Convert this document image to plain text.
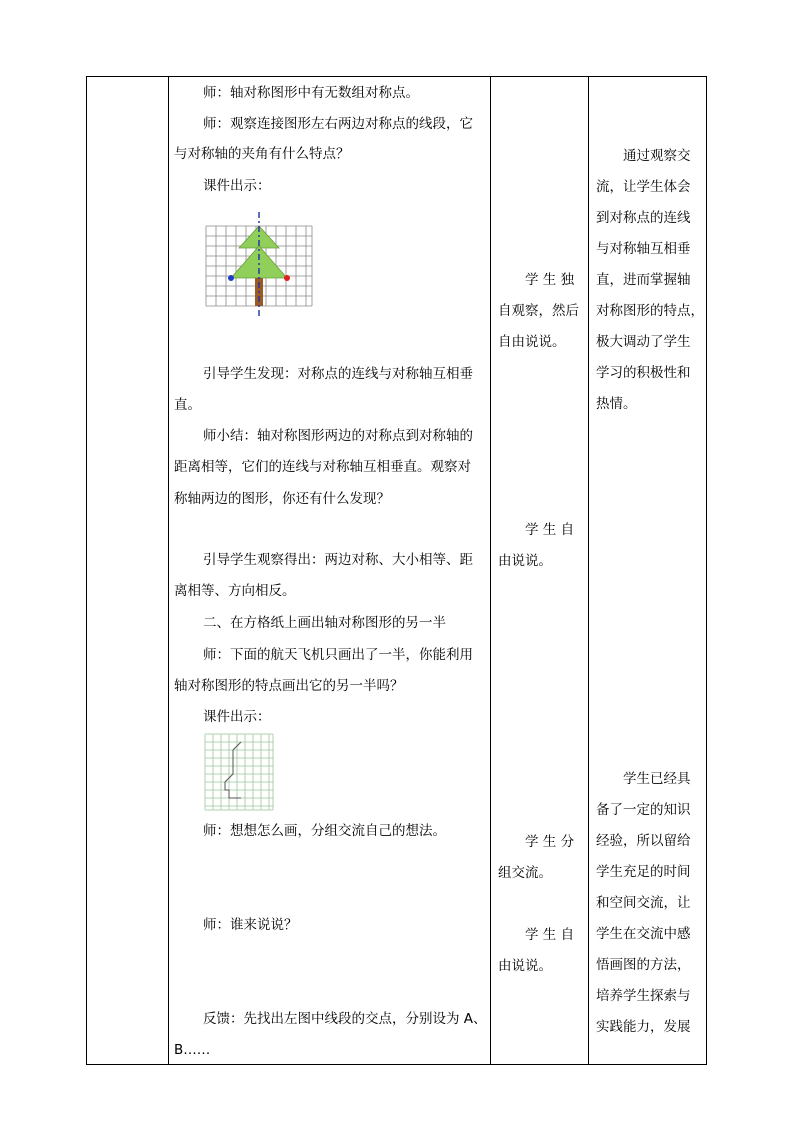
师：轴对称图形中有无数组对称点。
师：观察连接图形左右两边对称点的线段，它
与对称轴的夹角有什么特点？
课件出示：
引导学生发现：对称点的连线与对称轴互相垂
直。
师小结：轴对称图形两边的对称点到对称轴的
距离相等，它们的连线与对称轴互相垂直。观察对
称轴两边的图形，你还有什么发现？
引导学生观察得出：两边对称、大小相等、距
离相等、方向相反。
二、在方格纸上画出轴对称图形的另一半
师：下面的航天飞机只画出了一半，你能利用
轴对称图形的特点画出它的另一半吗？
课件出示：
师：想想怎么画，分组交流自己的想法。
师：谁来说说？
反馈：先找出左图中线段的交点，分别设为 A、
B……
学 生 独
自观察，然后
自由说说。
学 生 自
由说说。
学 生 分
组交流。
学 生 自
由说说。
通过观察交
流，让学生体会
到对称点的连线
与对称轴互相垂
直，进而掌握轴
对称图形的特点，
极大调动了学生
学习的积极性和
热情。
学生已经具
备了一定的知识
经验，所以留给
学生充足的时间
和空间交流，让
学生在交流中感
悟画图的方法，
培养学生探索与
实践能力，发展
